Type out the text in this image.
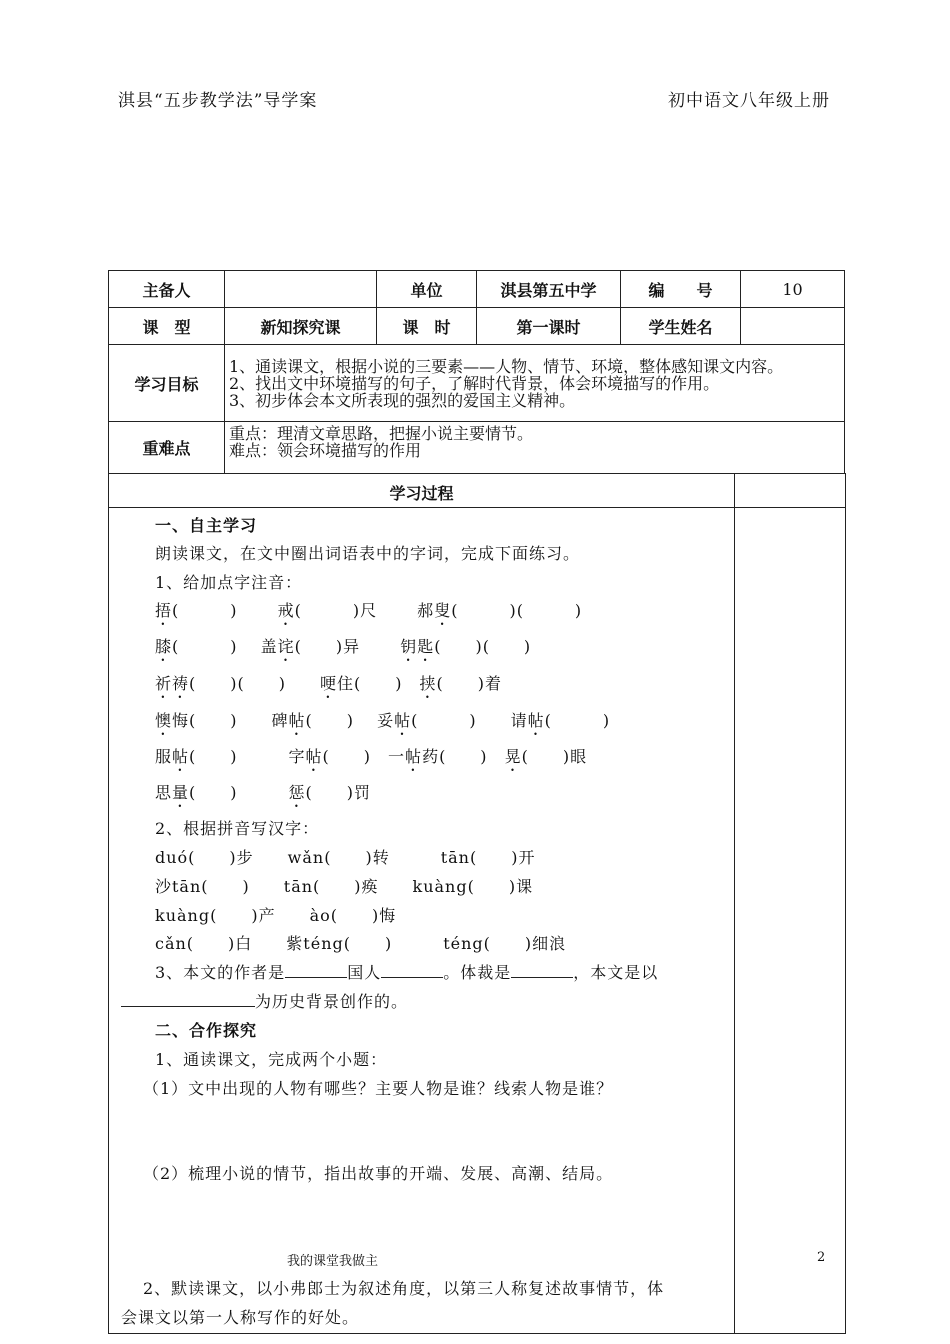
淇县“五步教学法”导学案	初中语文八年级上册
主备人		单位	淇县第五中学	编　　号	10
课　型	新知探究课	课　时	第一课时	学生姓名	
学习目标	1、通读课文，根据小说的三要素——人物、情节、环境，整体感知课文内容。
2、找出文中环境描写的句子，了解时代背景，体会环境描写的作用。
3、初步体会本文所表现的强烈的爱国主义精神。				

重难点	重点：理清文章思路，把握小说主要情节。
难点：领会环境描写的作用				
学习过程
一、自主学习
朗读课文，在文中圈出词语表中的字词，完成下面练习。
1、给加点字注音：
捂(　　　)　　 戒(　　　)尺　　 郝叟(　　　)(　　　)
膝(　　　)　 盖诧(　　)异　　 钥匙(　　)(　　)
祈祷(　　)(　　)　　哽住(　　)　挟(　　)着
懊悔(　　)　　碑帖(　　)　 妥帖(　　　)　　请帖(　　　)
服帖(　　)　　　字帖(　　)　一帖药(　　)　晃(　　)眼
思量(　　)　　　惩(　　)罚
2、根据拼音写汉字：
duó(　　)步　　wǎn(　　)转　　　tān(　　)开
沙tān(　　)　　tān(　　)痪　　kuàng(　　)课
kuàng(　　)产　　ào(　　)悔
cǎn(　　)白　　紫téng(　　)　　　téng(　　)细浪
3、本文的作者是	国人	。体裁是	，本文是以
为历史背景创作的。
二、合作探究
1、通读课文，完成两个小题：
（1）文中出现的人物有哪些？主要人物是谁？线索人物是谁？
（2）梳理小说的情节，指出故事的开端、发展、高潮、结局。
我的课堂我做主	2
2、默读课文，以小弗郎士为叙述角度，以第三人称复述故事情节，体
会课文以第一人称写作的好处。
